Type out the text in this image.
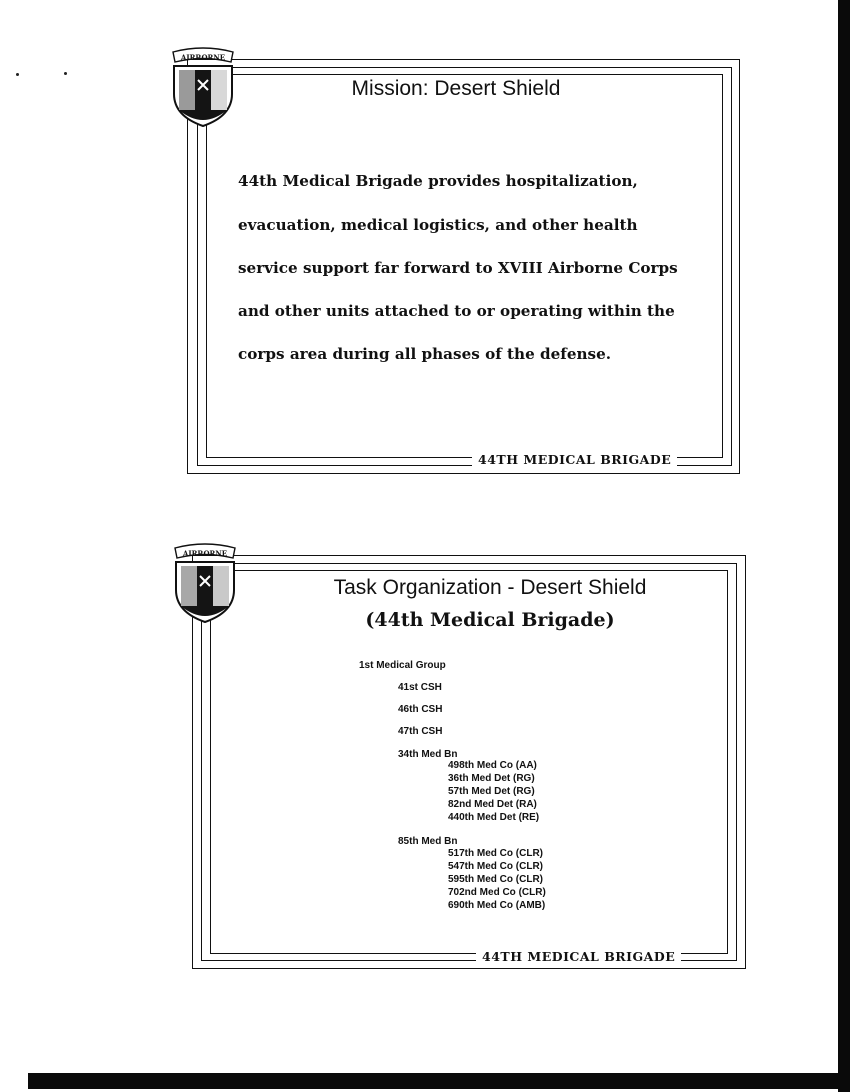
AIRBORNE
Mission: Desert Shield
44th Medical Brigade provides hospitalization,
evacuation, medical logistics, and other health
service support far forward to XVIII Airborne Corps
and other units attached to or operating within the
corps area during all phases of the defense.
44TH MEDICAL BRIGADE
AIRBORNE
Task Organization - Desert Shield
(44th Medical Brigade)
1st Medical Group
41st CSH
46th CSH
47th CSH
34th Med Bn
498th Med Co (AA)
36th Med Det (RG)
57th Med Det (RG)
82nd Med Det (RA)
440th Med Det (RE)
85th Med Bn
517th Med Co (CLR)
547th Med Co (CLR)
595th Med Co (CLR)
702nd Med Co (CLR)
690th Med Co (AMB)
44TH MEDICAL BRIGADE
